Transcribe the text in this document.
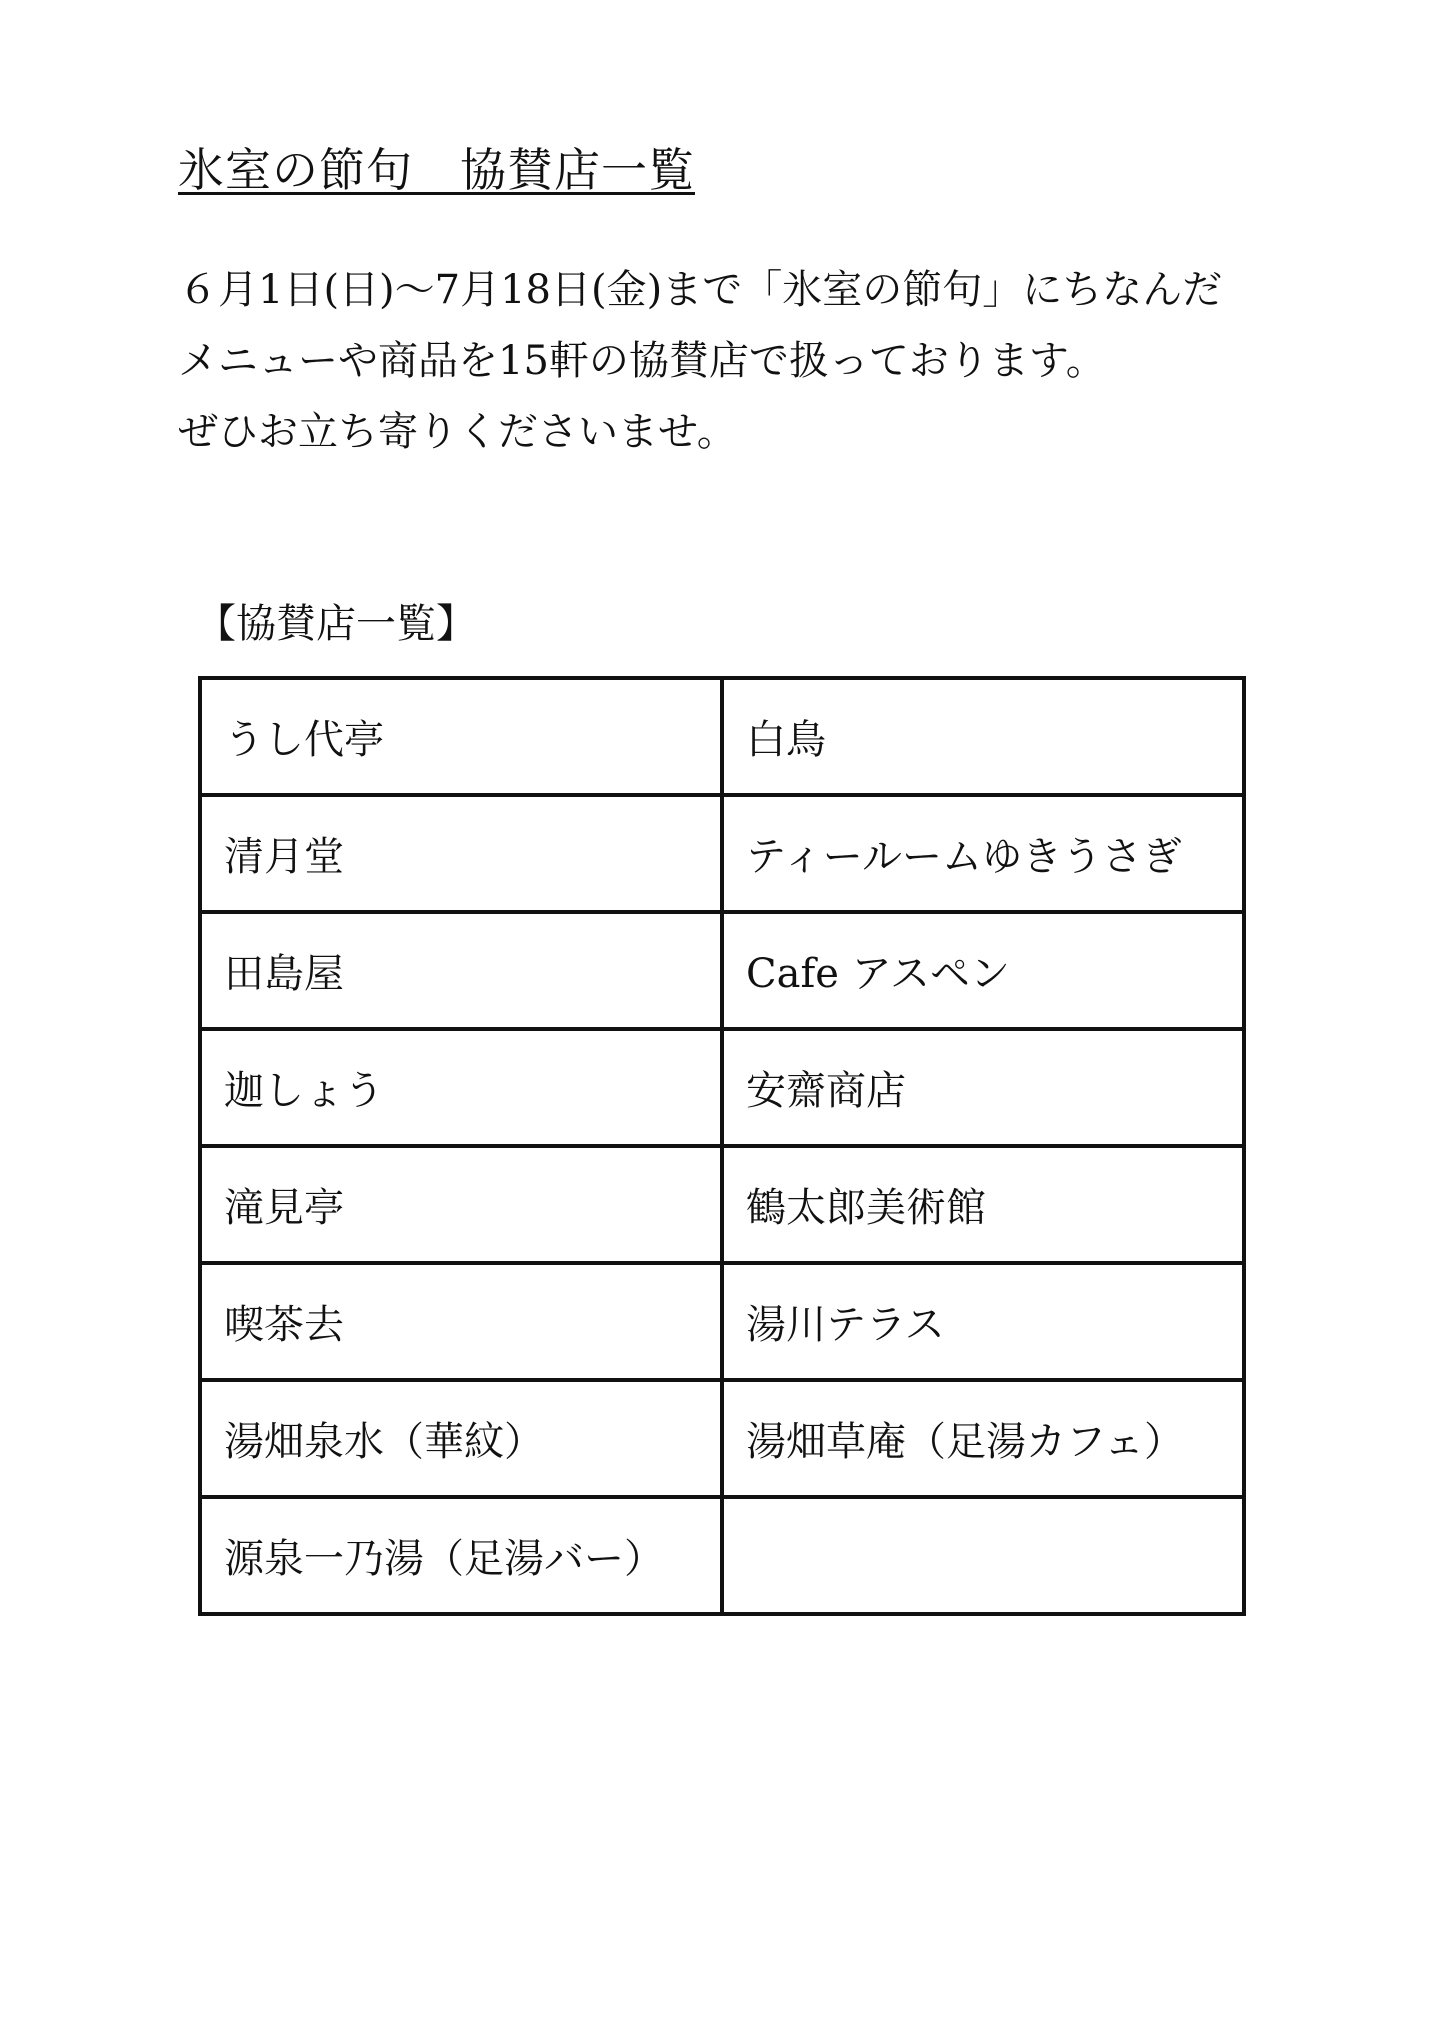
氷室の節句　協賛店一覧
６月1日(日)～7月18日(金)まで「氷室の節句」にちなんだ
メニューや商品を15軒の協賛店で扱っております。
ぜひお立ち寄りくださいませ。
【協賛店一覧】
うし代亭	白鳥
清月堂	ティールームゆきうさぎ
田島屋	Cafe アスペン
迦しょう	安齋商店
滝見亭	鶴太郎美術館
喫茶去	湯川テラス
湯畑泉水（華紋）	湯畑草庵（足湯カフェ）
源泉一乃湯（足湯バー）	
